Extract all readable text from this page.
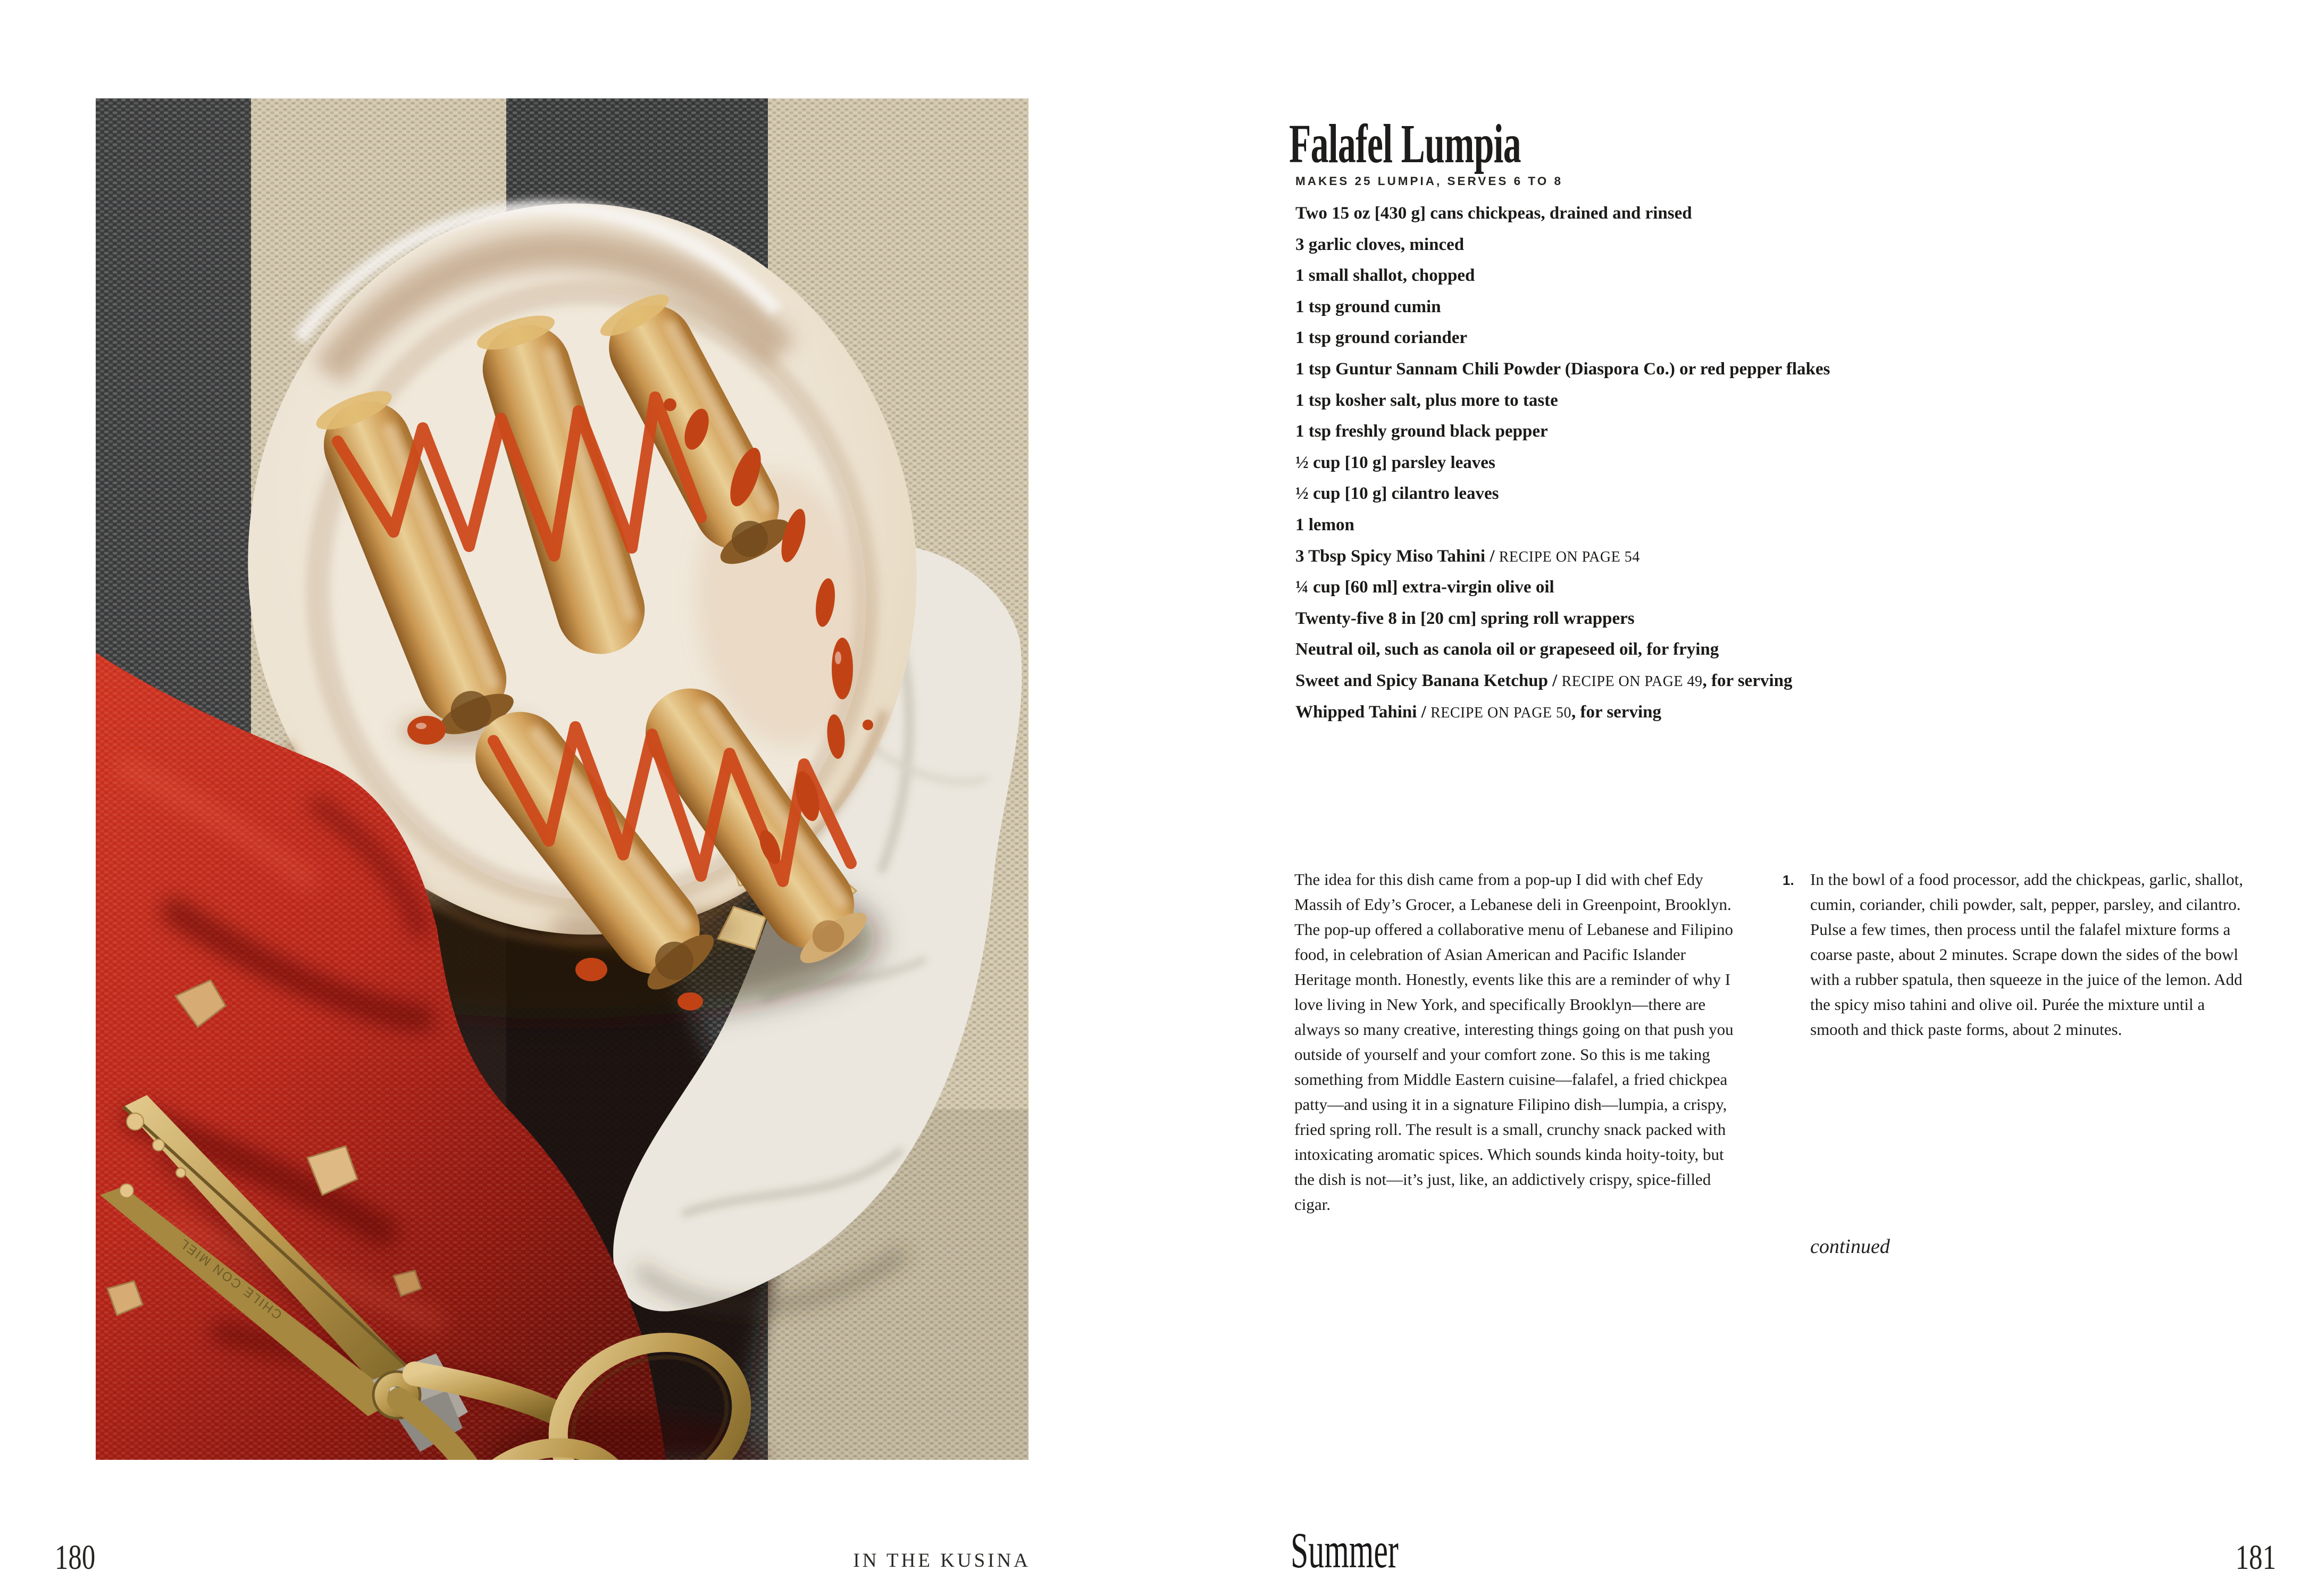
180	IN THE KUSINA
Falafel Lumpia
MAKES 25 LUMPIA, SERVES 6 TO 8
Two 15 oz [430 g] cans chickpeas, drained and rinsed
3 garlic cloves, minced
1 small shallot, chopped
1 tsp ground cumin
1 tsp ground coriander
1 tsp Guntur Sannam Chili Powder (Diaspora Co.) or red pepper flakes
1 tsp kosher salt, plus more to taste
1 tsp freshly ground black pepper
½ cup [10 g] parsley leaves
½ cup [10 g] cilantro leaves
1 lemon
3 Tbsp Spicy Miso Tahini / RECIPE ON PAGE 54
¼ cup [60 ml] extra-virgin olive oil
Twenty-five 8 in [20 cm] spring roll wrappers
Neutral oil, such as canola oil or grapeseed oil, for frying
Sweet and Spicy Banana Ketchup / RECIPE ON PAGE 49, for serving
Whipped Tahini / RECIPE ON PAGE 50, for serving

The idea for this dish came from a pop-up I did with chef Edy Massih of Edy’s Grocer, a Lebanese deli in Greenpoint, Brooklyn. The pop-up offered a collaborative menu of Lebanese and Filipino food, in celebration of Asian American and Pacific Islander Heritage month. Honestly, events like this are a reminder of why I love living in New York, and specifically Brooklyn—there are always so many creative, interesting things going on that push you outside of yourself and your comfort zone. So this is me taking something from Middle Eastern cuisine—falafel, a fried chickpea patty—and using it in a signature Filipino dish—lumpia, a crispy, fried spring roll. The result is a small, crunchy snack packed with intoxicating aromatic spices. Which sounds kinda hoity-toity, but the dish is not—it’s just, like, an addictively crispy, spice-filled cigar.

1. In the bowl of a food processor, add the chickpeas, garlic, shallot, cumin, coriander, chili powder, salt, pepper, parsley, and cilantro. Pulse a few times, then process until the falafel mixture forms a coarse paste, about 2 minutes. Scrape down the sides of the bowl with a rubber spatula, then squeeze in the juice of the lemon. Add the spicy miso tahini and olive oil. Purée the mixture until a smooth and thick paste forms, about 2 minutes.

continued
Summer	181
